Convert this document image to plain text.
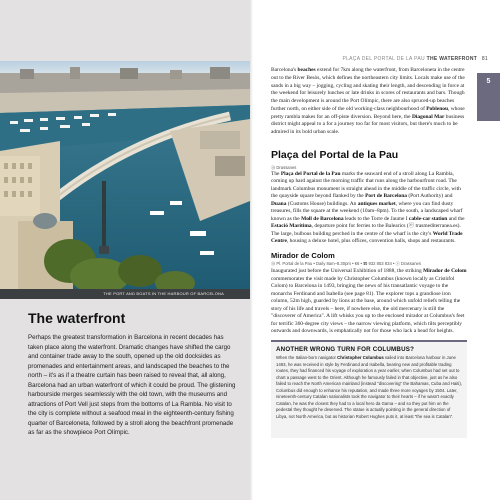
THE PORT AND BOATS IN THE HARBOUR OF BARCELONA
The waterfront

Perhaps the greatest transformation in Barcelona in recent decades has taken place along the waterfront. Dramatic changes have shifted the cargo and container trade away to the south, opened up the old docksides as promenades and entertainment areas, and landscaped the beaches to the north – it's as if a theatre curtain has been raised to reveal that, all along, Barcelona had an urban waterfront of which it could be proud. The glistening harbourside merges seamlessly with the old town, with the museums and attractions of Port Vell just steps from the bottoms of La Rambla. No visit to the city is complete without a seafood meal in the eighteenth-century fishing quarter of Barceloneta, followed by a stroll along the beachfront promenade as far as the showpiece Port Olímpic.

PLAÇA DEL PORTAL DE LA PAU THE WATERFRONT 81
5

Barcelona's beaches extend for 7km along the waterfront, from Barceloneta in the centre out to the River Besòs, which defines the northeastern city limits. Locals make use of the sands in a big way – jogging, cycling and skating their length, and descending in force at the weekend for leisurely lunches or late drinks in scores of restaurants and bars. Though the main development is around the Port Olímpic, there are also spruced-up beaches further north, on either side of the old working-class neighbourhood of Poblenou, whose pretty rambla makes for an off-piste diversion. Beyond here, the Diagonal Mar business district might appeal to a for a journey too far for most visitors, but there's much to be admired in its bold urban scale.

Plaça del Portal de la Pau

ⓜ Drassanes

The Plaça del Portal de la Pau marks the seaward end of a stroll along La Rambla, coming up hard against the morning traffic that runs along the harbourfront road. The landmark Columbus monument is straight ahead in the middle of the traffic circle, with the quayside square beyond flanked by the Port de Barcelona (Port Authority) and Duana (Customs House) buildings. An antiques market, where you can find dusty treasures, fills the square at the weekend (10am–8pm). To the south, a landscaped wharf known as the Moll de Barcelona leads to the Torre de Jaume I cable-car station and the Estació Marítima, departure point for ferries to the Balearics (ⓔ trasmediterranea.es). The large, bulbous building perched in the centre of the wharf is the city's World Trade Centre, housing a deluxe hotel, plus offices, convention halls, shops and restaurants.

Mirador de Colom

ⓜ Pl. Portal de la Pau • Daily 8am–8.30pm • €6 • ☎ 932 853 834 • ⓔ Drassanes

Inaugurated just before the Universal Exhibition of 1888, the striking Mirador de Colom commemorates the visit made by Christopher Columbus (known locally as Cristòfol Colom) to Barcelona in 1493, bringing the news of his transatlantic voyage to the monarchs Ferdinand and Isabella (see page 81). The explorer tops a grandiose iron column, 52m high, guarded by lions at the base, around which unfold reliefs telling the story of his life and travels – here, if nowhere else, the old mercenary is still the "discoverer of America". A lift whisks you up to the enclosed mirador at Columbus's feet for terrific 360-degree city views – the narrow viewing platform, which tilts perceptibly outwards and downwards, is emphatically not for those who lack a head for heights.

ANOTHER WRONG TURN FOR COLUMBUS?

When the Italian-born navigator Christopher Columbus sailed into Barcelona harbour in June 1493, he was received in style by Ferdinand and Isabella, bearing new and profitable trading routes, they had financed his voyage of exploration a year earlier, when Columbus had set out to chart a passage west to the Orient. Although he famously failed in that objective, just as he also failed to reach the North American mainland (instead "discovering" the Bahamas, Cuba and Haiti), Columbus did enough to enhance his reputation, and made three more voyages by 1504. Later, nineteenth-century Catalan nationalists took the navigator to their hearts – if he wasn't exactly Catalan, he was the closest they had to a local hero da Gama – and so they put him on the pedestal they thought he deserved. The statue is actually pointing in the general direction of Libya, not North America, but as historian Robert Hughes puts it, at least "the sea is Catalan".
